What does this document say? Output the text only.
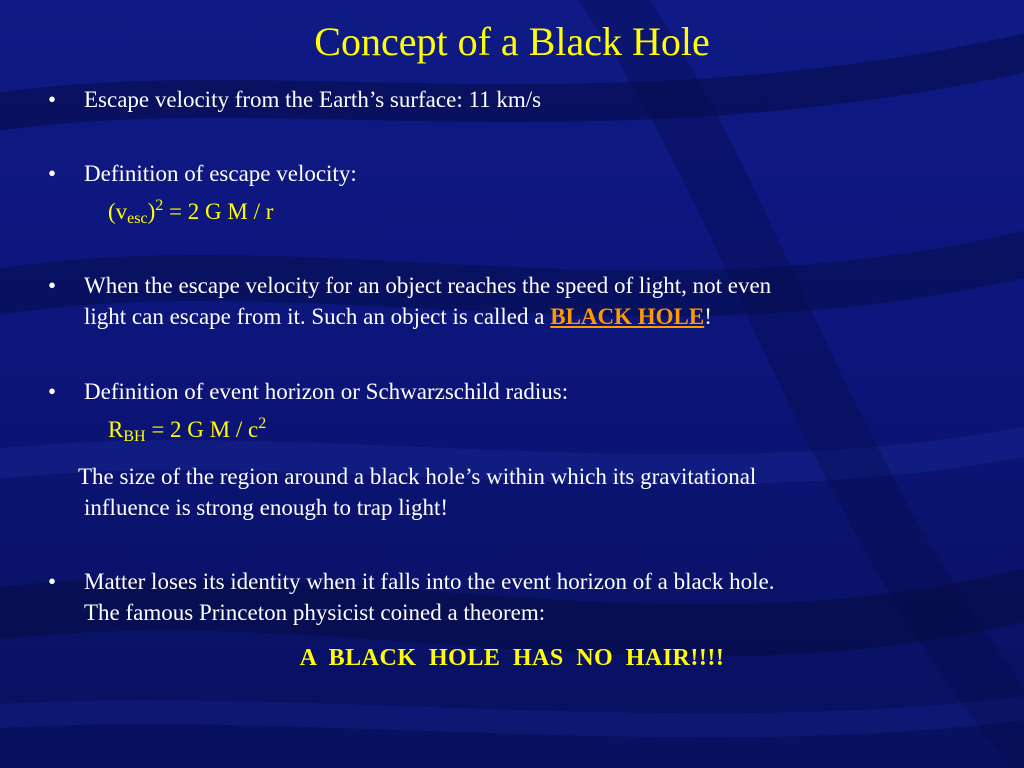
Concept of a Black Hole
• Escape velocity from the Earth’s surface: 11 km/s
• Definition of escape velocity:
$(v_{esc})^2 = 2$ G M / r
• When the escape velocity for an object reaches the speed of light, not even
light can escape from it. Such an object is called a BLACK HOLE!
• Definition of event horizon or Schwarzschild radius:
$R_{BH} = 2$ G M / $c^2$
The size of the region around a black hole’s within which its gravitational
influence is strong enough to trap light!
• Matter loses its identity when it falls into the event horizon of a black hole.
The famous Princeton physicist coined a theorem:
A BLACK HOLE HAS NO HAIR!!!!
